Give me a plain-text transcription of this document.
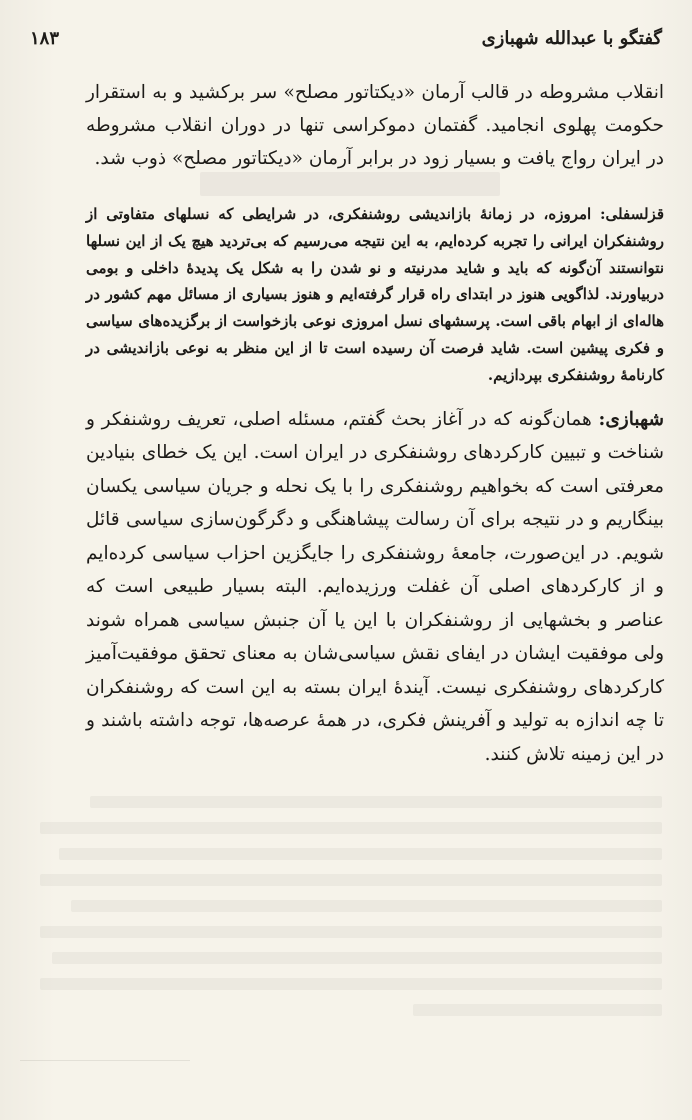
گفتگو با عبدالله شهبازی
۱۸۳

انقلاب مشروطه در قالب آرمان «دیکتاتور مصلح» سر برکشید و به استقرار حکومت پهلوی انجامید. گفتمان دموکراسی تنها در دوران انقلاب مشروطه در ایران رواج یافت و بسیار زود در برابر آرمان «دیکتاتور مصلح» ذوب شد.

قزلسفلی: امروزه، در زمانهٔ بازاندیشی روشنفکری، در شرایطی که نسلهای متفاوتی از روشنفکران ایرانی را تجربه کرده‌ایم، به این نتیجه می‌رسیم که بی‌تردید هیچ یک از این نسلها نتوانستند آن‌گونه که باید و شاید مدرنیته و نو شدن را به شکل یک پدیدهٔ داخلی و بومی دربیاورند. لذاگویی هنوز در ابتدای راه قرار گرفته‌ایم و هنوز بسیاری از مسائل مهم کشور در هاله‌ای از ابهام باقی است. پرسشهای نسل امروزی نوعی بازخواست از برگزیده‌های سیاسی و فکری پیشین است. شاید فرصت آن رسیده است تا از این منظر به نوعی بازاندیشی در کارنامهٔ روشنفکری بپردازیم.

شهبازی: همان‌گونه که در آغاز بحث گفتم، مسئله اصلی، تعریف روشنفکر و شناخت و تبیین کارکردهای روشنفکری در ایران است. این یک خطای بنیادین معرفتی است که بخواهیم روشنفکری را با یک نحله و جریان سیاسی یکسان بینگاریم و در نتیجه برای آن رسالت پیشاهنگی و دگرگون‌سازی سیاسی قائل شویم. در این‌صورت، جامعهٔ روشنفکری را جایگزین احزاب سیاسی کرده‌ایم و از کارکردهای اصلی آن غفلت ورزیده‌ایم. البته بسیار طبیعی است که عناصر و بخشهایی از روشنفکران با این یا آن جنبش سیاسی همراه شوند ولی موفقیت ایشان در ایفای نقش سیاسی‌شان به معنای تحقق موفقیت‌آمیز کارکردهای روشنفکری نیست. آیندهٔ ایران بسته به این است که روشنفکران تا چه اندازه به تولید و آفرینش فکری، در همهٔ عرصه‌ها، توجه داشته باشند و در این زمینه تلاش کنند.
